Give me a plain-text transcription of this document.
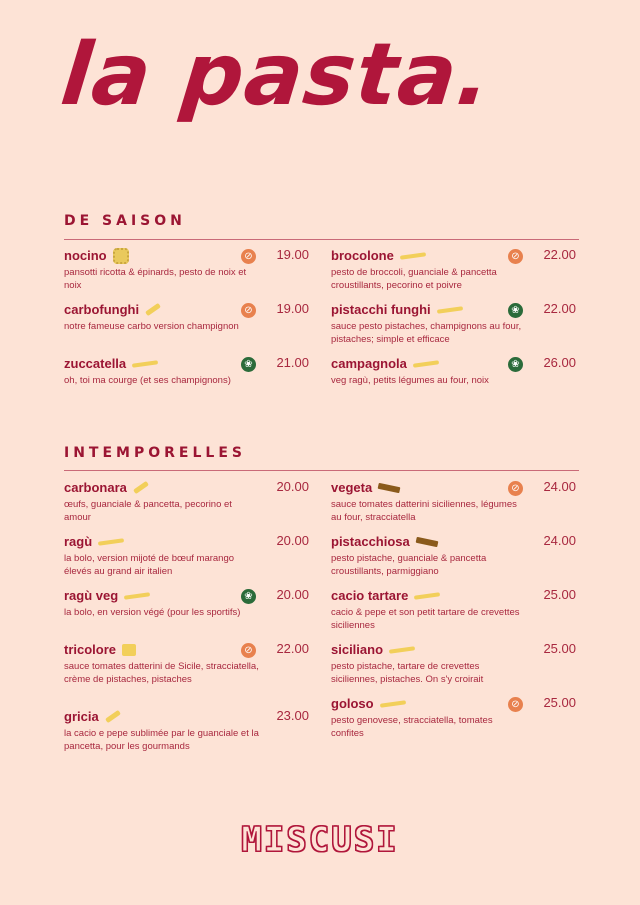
la pasta.
DE SAISON
INTEMPORELLES
nocino
pansotti ricotta & épinards, pesto de noix et noix
19.00
⊘
carbofunghi
notre fameuse carbo version champignon
19.00
⊘
zuccatella
oh, toi ma courge (et ses champignons)
21.00
❀
brocolone
pesto de broccoli, guanciale & pancetta croustillants, pecorino et poivre
22.00
⊘
pistacchi funghi
sauce pesto pistaches, champignons au four, pistaches; simple et efficace
22.00
❀
campagnola
veg ragù, petits légumes au four, noix
26.00
❀
carbonara
œufs, guanciale & pancetta, pecorino et amour
20.00
ragù
la bolo, version mijoté de bœuf marango élevés au grand air italien
20.00
ragù veg
la bolo, en version végé (pour les sportifs)
20.00
❀
tricolore
sauce tomates datterini de Sicile, stracciatella, crème de pistaches, pistaches
22.00
⊘
gricia
la cacio e pepe sublimée par le guanciale et la pancetta, pour les gourmands
23.00
vegeta
sauce tomates datterini siciliennes, légumes au four, stracciatella
24.00
⊘
pistacchiosa
pesto pistache, guanciale & pancetta croustillants, parmiggiano
24.00
cacio tartare
cacio & pepe et son petit tartare de crevettes siciliennes
25.00
siciliano
pesto pistache, tartare de crevettes siciliennes, pistaches. On s'y croirait
25.00
goloso
pesto genovese, stracciatella, tomates confites
25.00
⊘
MISCUSI
